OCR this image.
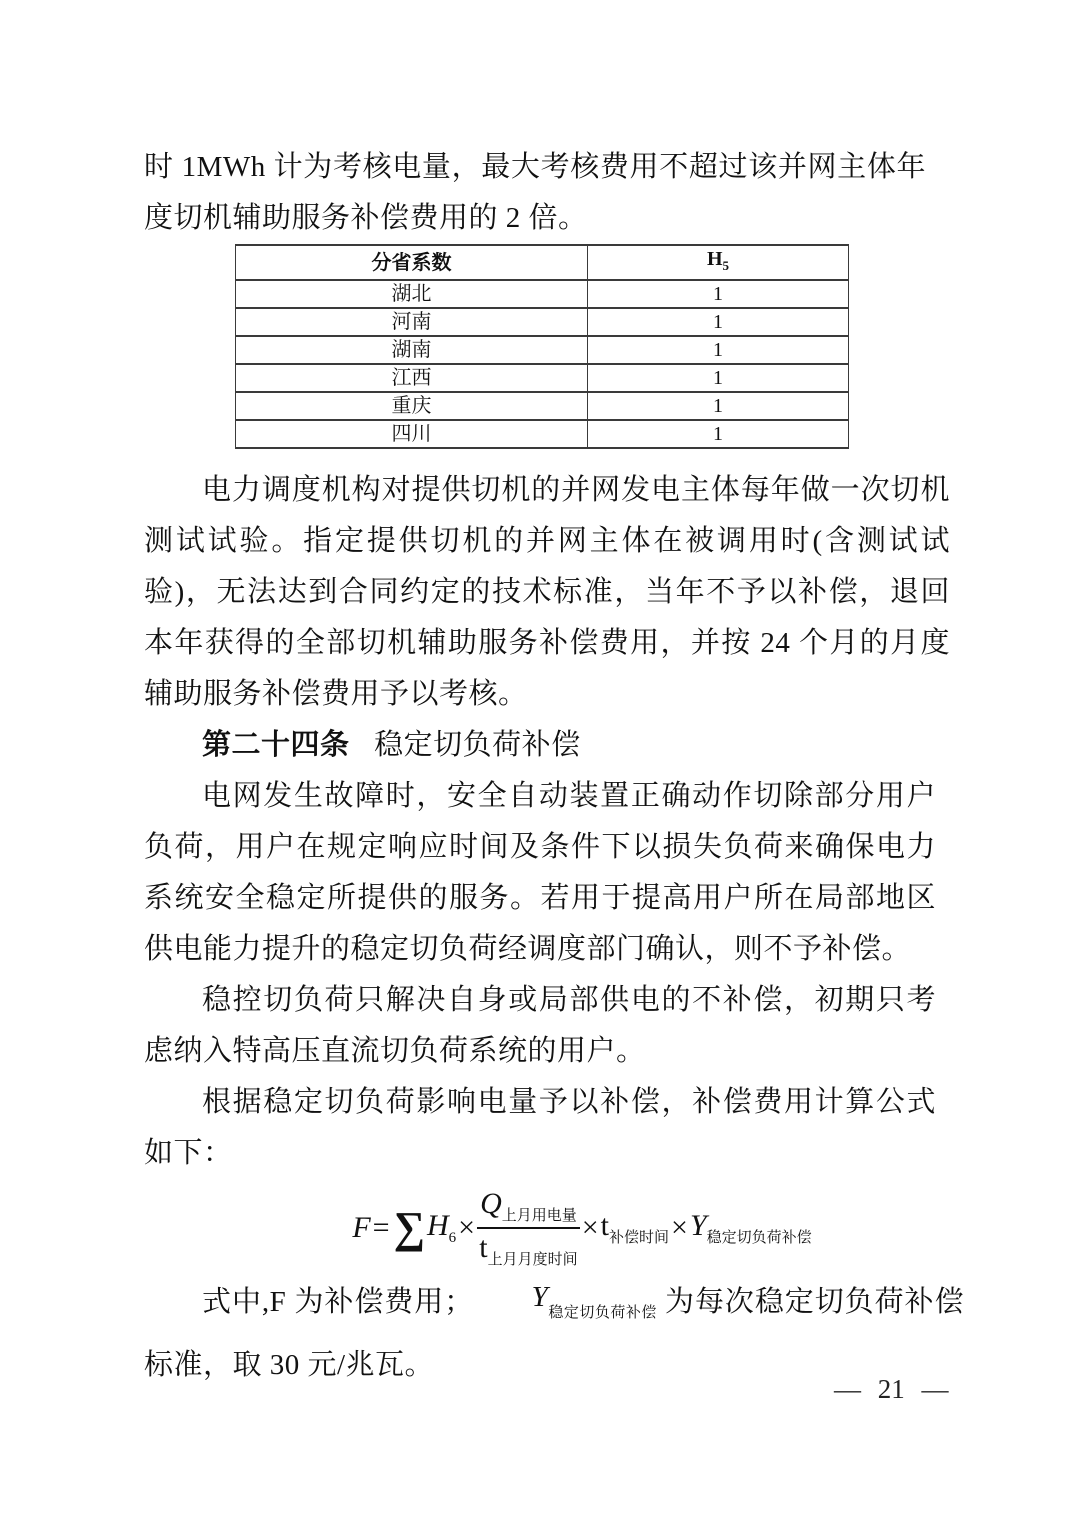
时 1MWh 计为考核电量，最大考核费用不超过该并网主体年度切机辅助服务补偿费用的 2 倍。

分省系数	$H_5$
湖北	1
河南	1
湖南	1
江西	1
重庆	1
四川	1

电力调度机构对提供切机的并网发电主体每年做一次切机测试试验。指定提供切机的并网主体在被调用时(含测试试验)，无法达到合同约定的技术标准，当年不予以补偿，退回本年获得的全部切机辅助服务补偿费用，并按 24 个月的月度辅助服务补偿费用予以考核。

第二十四条 稳定切负荷补偿

电网发生故障时，安全自动装置正确动作切除部分用户负荷，用户在规定响应时间及条件下以损失负荷来确保电力系统安全稳定所提供的服务。若用于提高用户所在局部地区供电能力提升的稳定切负荷经调度部门确认，则不予补偿。

稳控切负荷只解决自身或局部供电的不补偿，初期只考虑纳入特高压直流切负荷系统的用户。

根据稳定切负荷影响电量予以补偿，补偿费用计算公式如下：

F = ∑ $H_6 \times \frac{Q_{上月用电量}}{t_{上月月度时间}} \times t_{补偿时间} \times Y_{稳定切负荷补偿}$

式中,F 为补偿费用； $Y_{稳定切负荷补偿}$ 为每次稳定切负荷补偿标准，取 30 元/兆瓦。

— 21 —
